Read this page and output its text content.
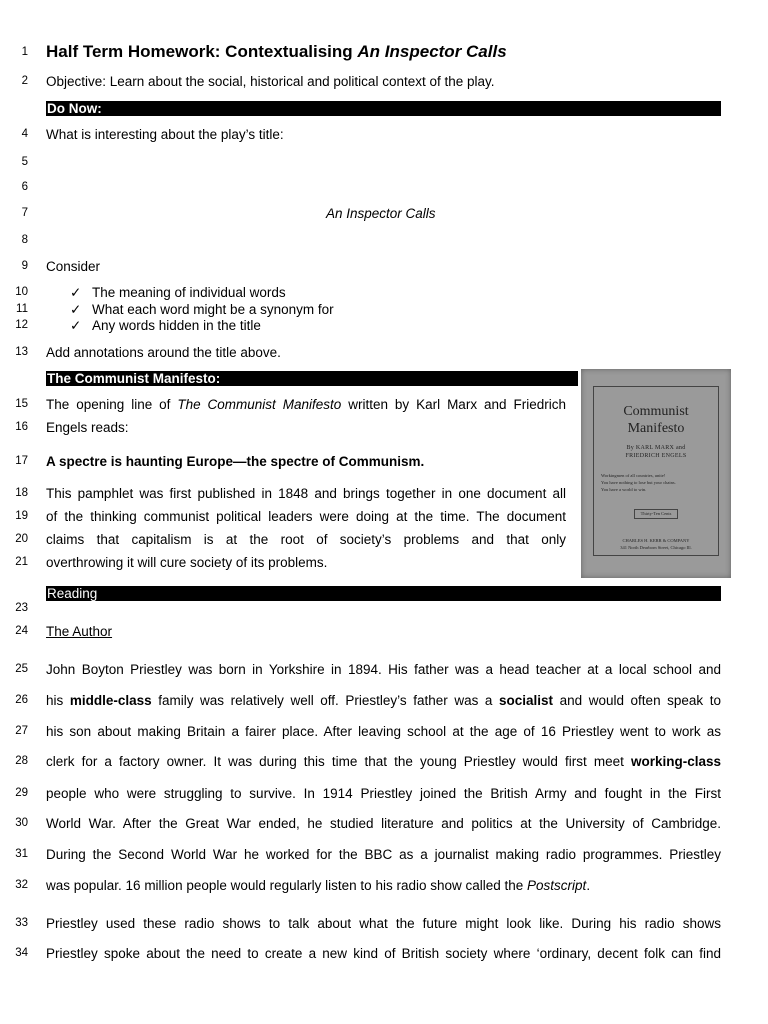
1
2
4
5
6
7
8
9
10
11
12
13
15
16
17
18
19
20
21
23
24
25
26
27
28
29
30
31
32
33
34
Half Term Homework: Contextualising An Inspector Calls
Objective: Learn about the social, historical and political context of the play.
Do Now:
What is interesting about the play’s title:
An Inspector Calls
Consider
✓ The meaning of individual words
✓ What each word might be a synonym for
✓ Any words hidden in the title
Add annotations around the title above.
The Communist Manifesto:
The opening line of The Communist Manifesto written by Karl Marx and Friedrich
Engels reads:
A spectre is haunting Europe—the spectre of Communism.
This pamphlet was first published in 1848 and brings together in one document all
of the thinking communist political leaders were doing at the time. The document
claims that capitalism is at the root of society’s problems and that only
overthrowing it will cure society of its problems.
Communist
Manifesto
By KARL MARX and
FRIEDRICH ENGELS
Workingmen of all countries, unite!
You have nothing to lose but your chains.
You have a world to win.
Thirty-Ten Cents
CHARLES H. KERR & COMPANY
341 North Dearborn Street, Chicago Ill.
Reading
The Author
John Boyton Priestley was born in Yorkshire in 1894. His father was a head teacher at a local school and
his middle-class family was relatively well off. Priestley’s father was a socialist and would often speak to
his son about making Britain a fairer place. After leaving school at the age of 16 Priestley went to work as
clerk for a factory owner. It was during this time that the young Priestley would first meet working-class
people who were struggling to survive. In 1914 Priestley joined the British Army and fought in the First
World War. After the Great War ended, he studied literature and politics at the University of Cambridge.
During the Second World War he worked for the BBC as a journalist making radio programmes. Priestley
was popular. 16 million people would regularly listen to his radio show called the Postscript.
Priestley used these radio shows to talk about what the future might look like. During his radio shows
Priestley spoke about the need to create a new kind of British society where ‘ordinary, decent folk can find
